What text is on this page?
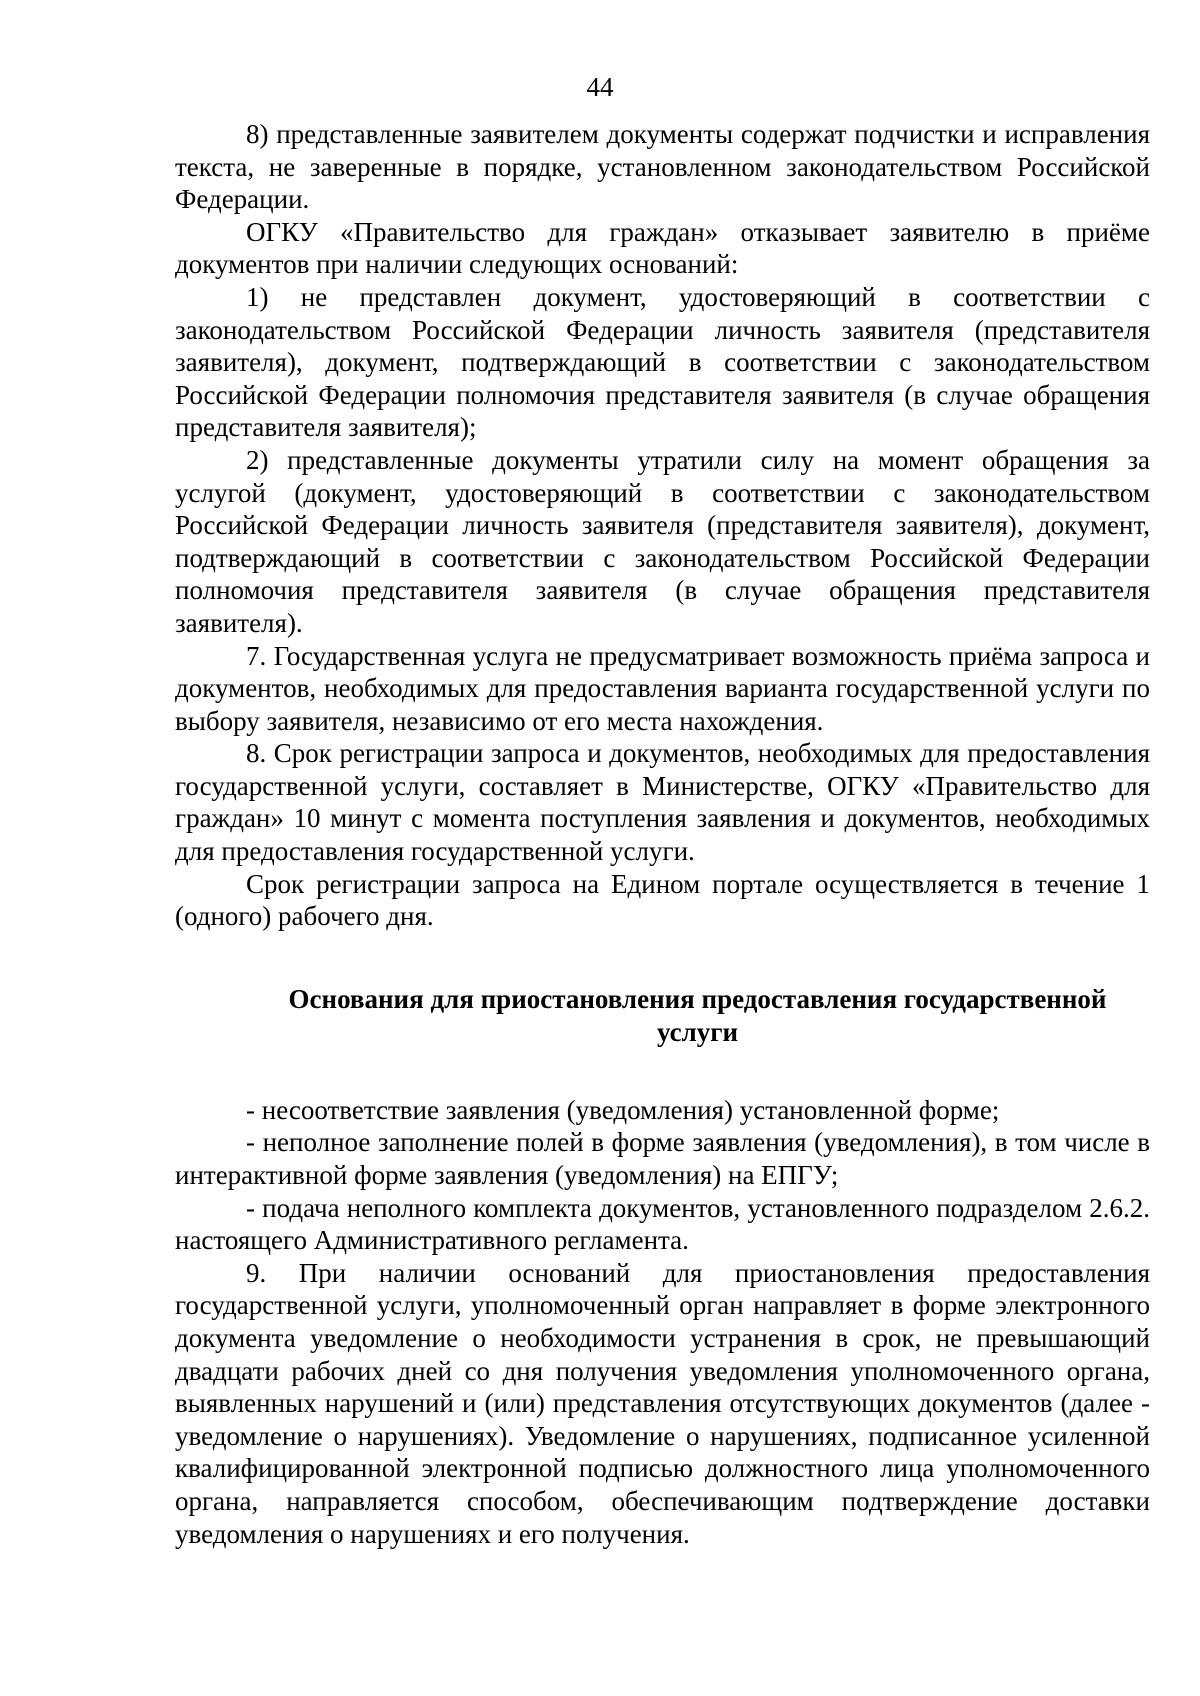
44

8) представленные заявителем документы содержат подчистки и исправления текста, не заверенные в порядке, установленном законодательством Российской Федерации.

ОГКУ «Правительство для граждан» отказывает заявителю в приёме документов при наличии следующих оснований:

1) не представлен документ, удостоверяющий в соответствии с законодательством Российской Федерации личность заявителя (представителя заявителя), документ, подтверждающий в соответствии с законодательством Российской Федерации полномочия представителя заявителя (в случае обращения представителя заявителя);

2) представленные документы утратили силу на момент обращения за услугой (документ, удостоверяющий в соответствии с законодательством Российской Федерации личность заявителя (представителя заявителя), документ, подтверждающий в соответствии с законодательством Российской Федерации полномочия представителя заявителя (в случае обращения представителя заявителя).

7. Государственная услуга не предусматривает возможность приёма запроса и документов, необходимых для предоставления варианта государственной услуги по выбору заявителя, независимо от его места нахождения.

8. Срок регистрации запроса и документов, необходимых для предоставления государственной услуги, составляет в Министерстве, ОГКУ «Правительство для граждан» 10 минут с момента поступления заявления и документов, необходимых для предоставления государственной услуги.

Срок регистрации запроса на Едином портале осуществляется в течение 1 (одного) рабочего дня.

Основания для приостановления предоставления государственной услуги

- несоответствие заявления (уведомления) установленной форме;

- неполное заполнение полей в форме заявления (уведомления), в том числе в интерактивной форме заявления (уведомления) на ЕПГУ;

- подача неполного комплекта документов, установленного подразделом 2.6.2. настоящего Административного регламента.

9. При наличии оснований для приостановления предоставления государственной услуги, уполномоченный орган направляет в форме электронного документа уведомление о необходимости устранения в срок, не превышающий двадцати рабочих дней со дня получения уведомления уполномоченного органа, выявленных нарушений и (или) представления отсутствующих документов (далее - уведомление о нарушениях). Уведомление о нарушениях, подписанное усиленной квалифицированной электронной подписью должностного лица уполномоченного органа, направляется способом, обеспечивающим подтверждение доставки уведомления о нарушениях и его получения.
